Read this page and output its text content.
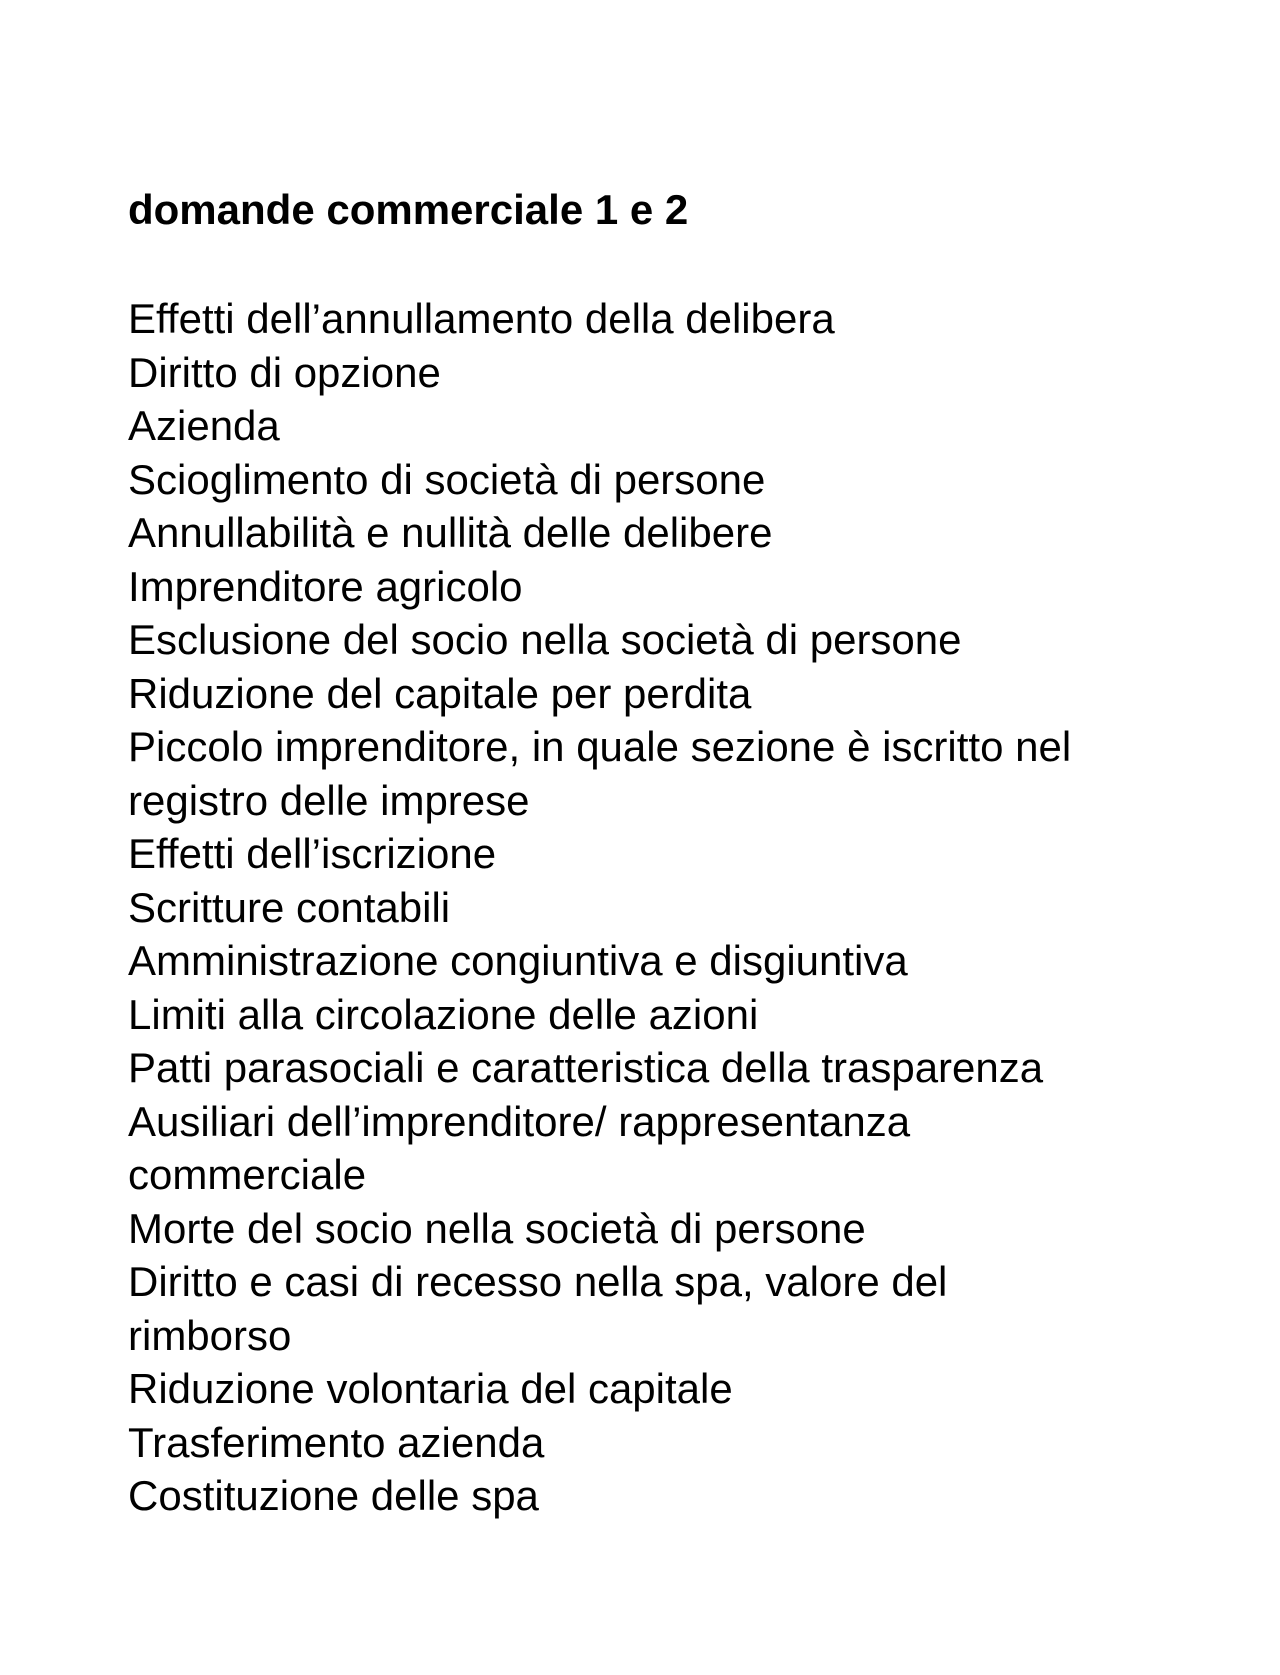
domande commerciale 1 e 2
Effetti dell’annullamento della delibera
Diritto di opzione
Azienda
Scioglimento di società di persone
Annullabilità e nullità delle delibere
Imprenditore agricolo
Esclusione del socio nella società di persone
Riduzione del capitale per perdita
Piccolo imprenditore, in quale sezione è iscritto nel
registro delle imprese
Effetti dell’iscrizione
Scritture contabili
Amministrazione congiuntiva e disgiuntiva
Limiti alla circolazione delle azioni
Patti parasociali e caratteristica della trasparenza
Ausiliari dell’imprenditore/ rappresentanza
commerciale
Morte del socio nella società di persone
Diritto e casi di recesso nella spa, valore del
rimborso
Riduzione volontaria del capitale
Trasferimento azienda
Costituzione delle spa
